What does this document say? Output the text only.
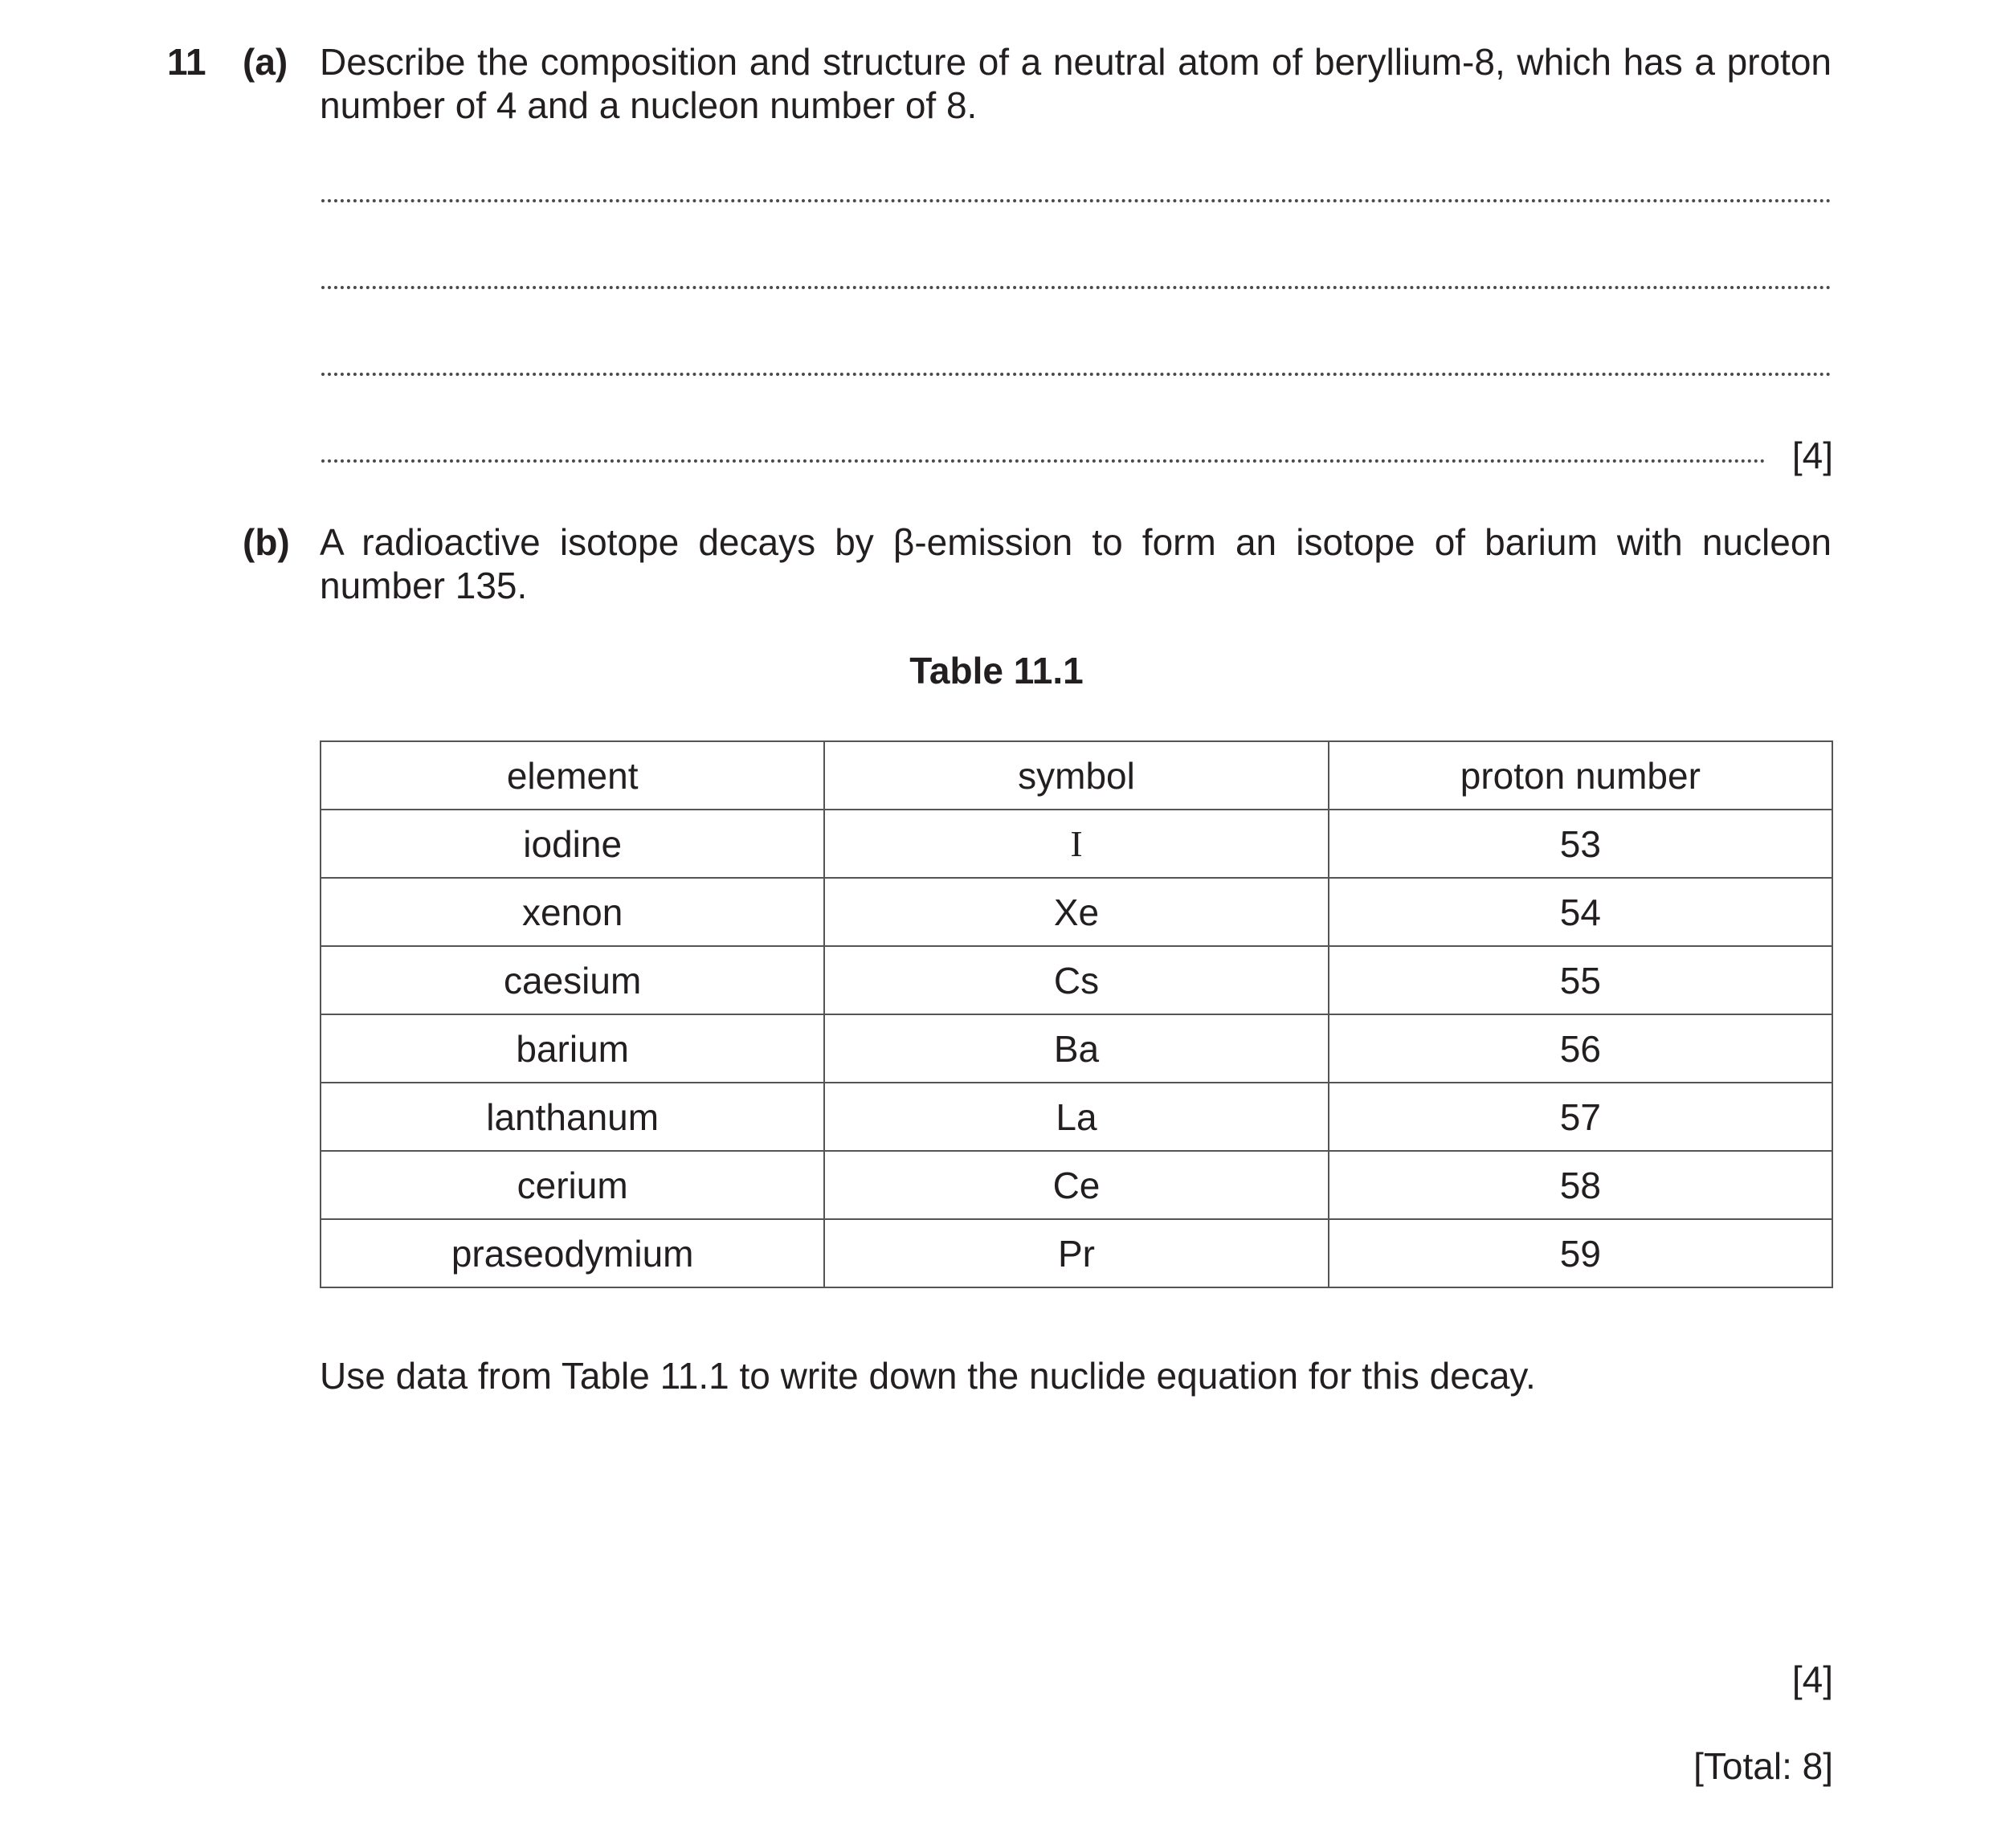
11 (a) Describe the composition and structure of a neutral atom of beryllium-8, which has a proton number of 4 and a nucleon number of 8.
[4]
(b) A radioactive isotope decays by β-emission to form an isotope of barium with nucleon number 135.
Table 11.1
element	symbol	proton number
iodine	I	53
xenon	Xe	54
caesium	Cs	55
barium	Ba	56
lanthanum	La	57
cerium	Ce	58
praseodymium	Pr	59
Use data from Table 11.1 to write down the nuclide equation for this decay.
[4]
[Total: 8]
